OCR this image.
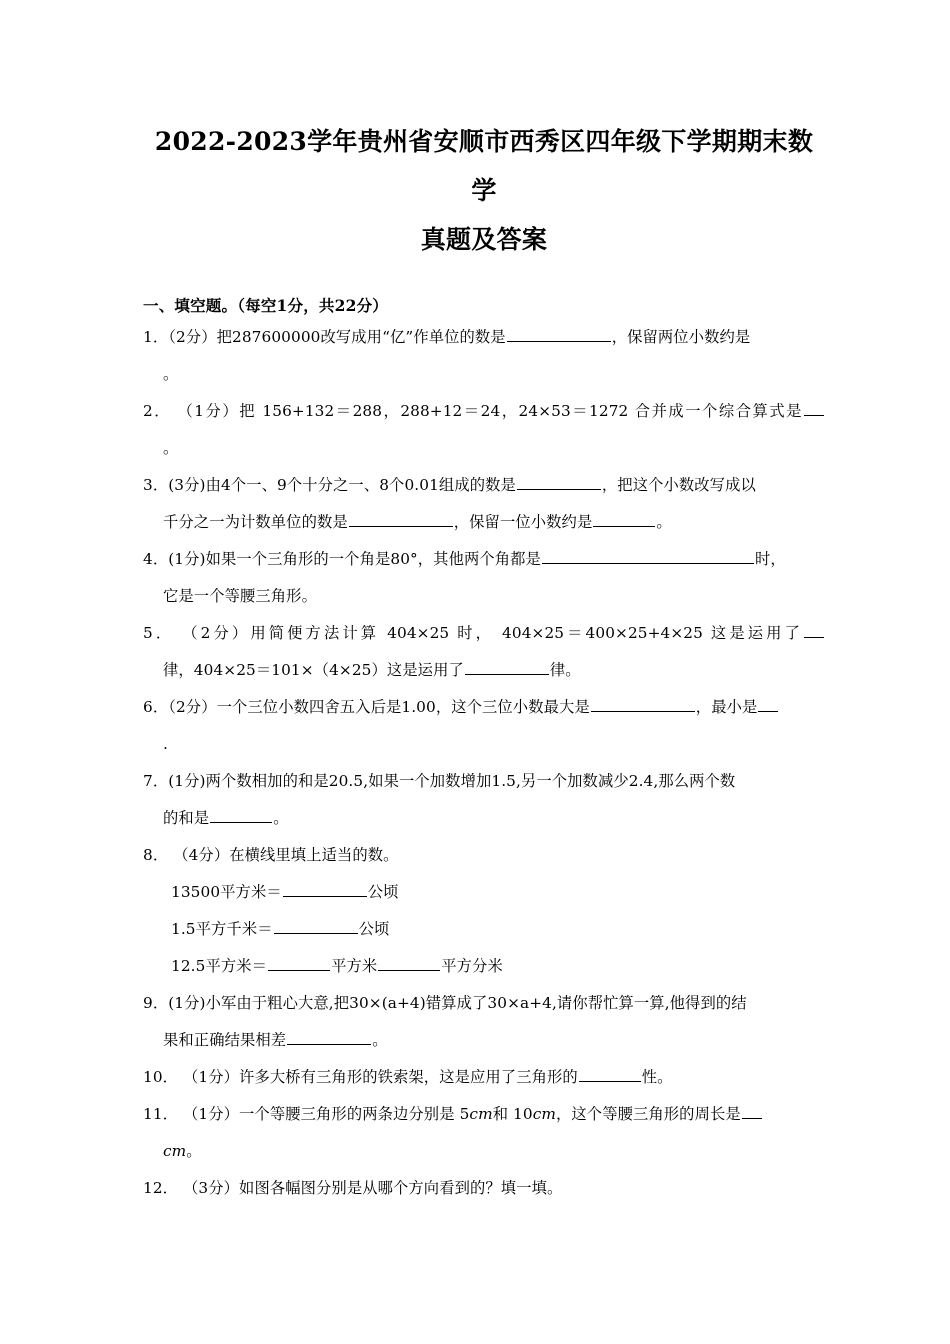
2022-2023学年贵州省安顺市西秀区四年级下学期期末数学
真题及答案
一、填空题。（每空1分，共22分）
1．（2分）把287600000改写成用“亿”作单位的数是	，保留两位小数约是
。
2． （1分）把 156+132＝288，288+12＝24，24×53＝1272 合并成一个综合算式是
。
3．(3分)由4个一、9个十分之一、8个0.01组成的数是	，把这个小数改写成以
千分之一为计数单位的数是	，保留一位小数约是	。
4．(1分)如果一个三角形的一个角是80°，其他两个角都是	时，
它是一个等腰三角形。
5． （2分）用简便方法计算 404×25 时， 404×25＝400×25+4×25 这是运用了
律，404×25＝101×（4×25）这是运用了	律。
6．（2分）一个三位小数四舍五入后是1.00，这个三位小数最大是	，最小是
.
7．(1分)两个数相加的和是20.5,如果一个加数增加1.5,另一个加数减少2.4,那么两个数
的和是	。
8． （4分）在横线里填上适当的数。
13500平方米＝	公顷
1.5平方千米＝	公顷
12.5平方米＝	平方米	平方分米
9．(1分)小军由于粗心大意,把30×(a+4)错算成了30×a+4,请你帮忙算一算,他得到的结
果和正确结果相差	。
10． （1分）许多大桥有三角形的铁索架，这是应用了三角形的	性。
11． （1分）一个等腰三角形的两条边分别是 5cm和 10cm，这个等腰三角形的周长是
cm。
12． （3分）如图各幅图分别是从哪个方向看到的？填一填。
